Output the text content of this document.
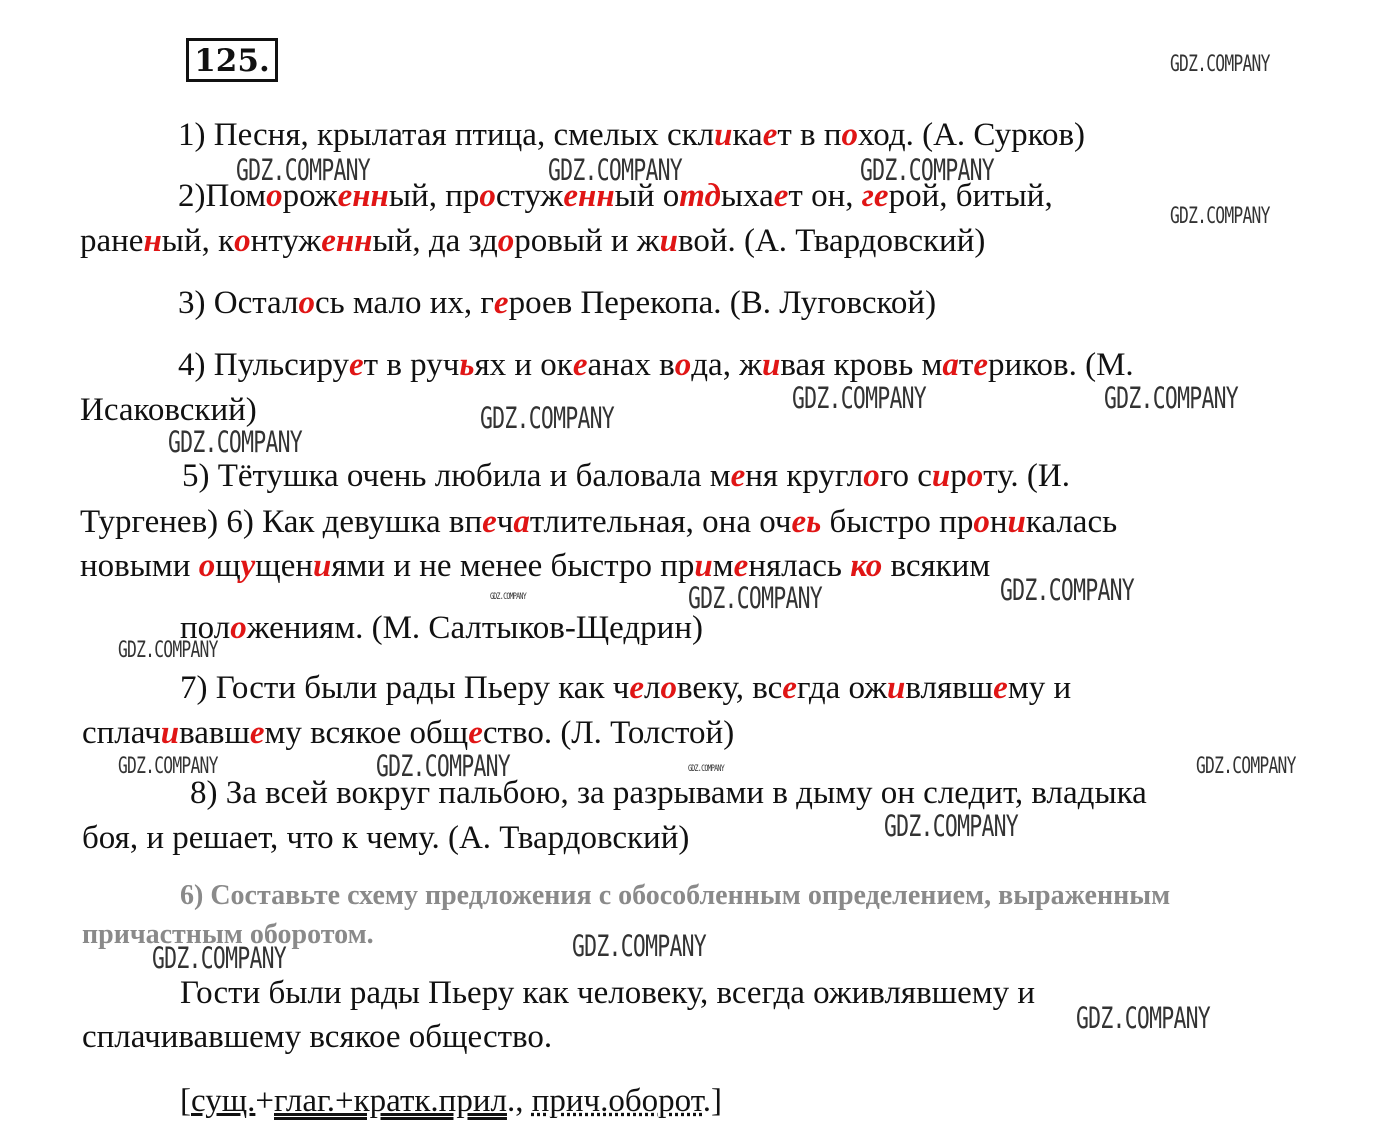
125.	GDZ.COMPANY
GDZ.COMPANY	GDZ.COMPANY	GDZ.COMPANY
GDZ.COMPANY
GDZ.COMPANY	GDZ.COMPANY
GDZ.COMPANY
GDZ.COMPANY
GDZ.COMPANY	GDZ.COMPANY
GDZ.COMPANY
GDZ.COMPANY
GDZ.COMPANY	GDZ.COMPANY	GDZ.COMPANY	GDZ.COMPANY
GDZ.COMPANY
GDZ.COMPANY
GDZ.COMPANY
GDZ.COMPANY
1) Песня, крылатая птица, смелых скликает в поход. (А. Сурков)
2)Помороженный, простуженный отдыхает он, герой, битый,
раненый, контуженный, да здоровый и живой. (А. Твардовский)
3) Осталось мало их, героев Перекопа. (В. Луговской)
4) Пульсирует в ручьях и океанах вода, живая кровь материков. (М.
Исаковский)
5) Тётушка очень любила и баловала меня круглого сироту. (И.
Тургенев) 6) Как девушка впечатлительная, она очеь быстро проникалась
новыми ощущениями и не менее быстро применялась ко всяким
положениям. (М. Салтыков-Щедрин)
7) Гости были рады Пьеру как человеку, всегда оживлявшему и
сплачивавшему всякое общество. (Л. Толстой)
8) За всей вокруг пальбою, за разрывами в дыму он следит, владыка
боя, и решает, что к чему. (А. Твардовский)
6) Составьте схему предложения с обособленным определением, выраженным
причастным оборотом.
Гости были рады Пьеру как человеку, всегда оживлявшему и
сплачивавшему всякое общество.
[сущ.+глаг.+кратк.прил., прич.оборот.]
